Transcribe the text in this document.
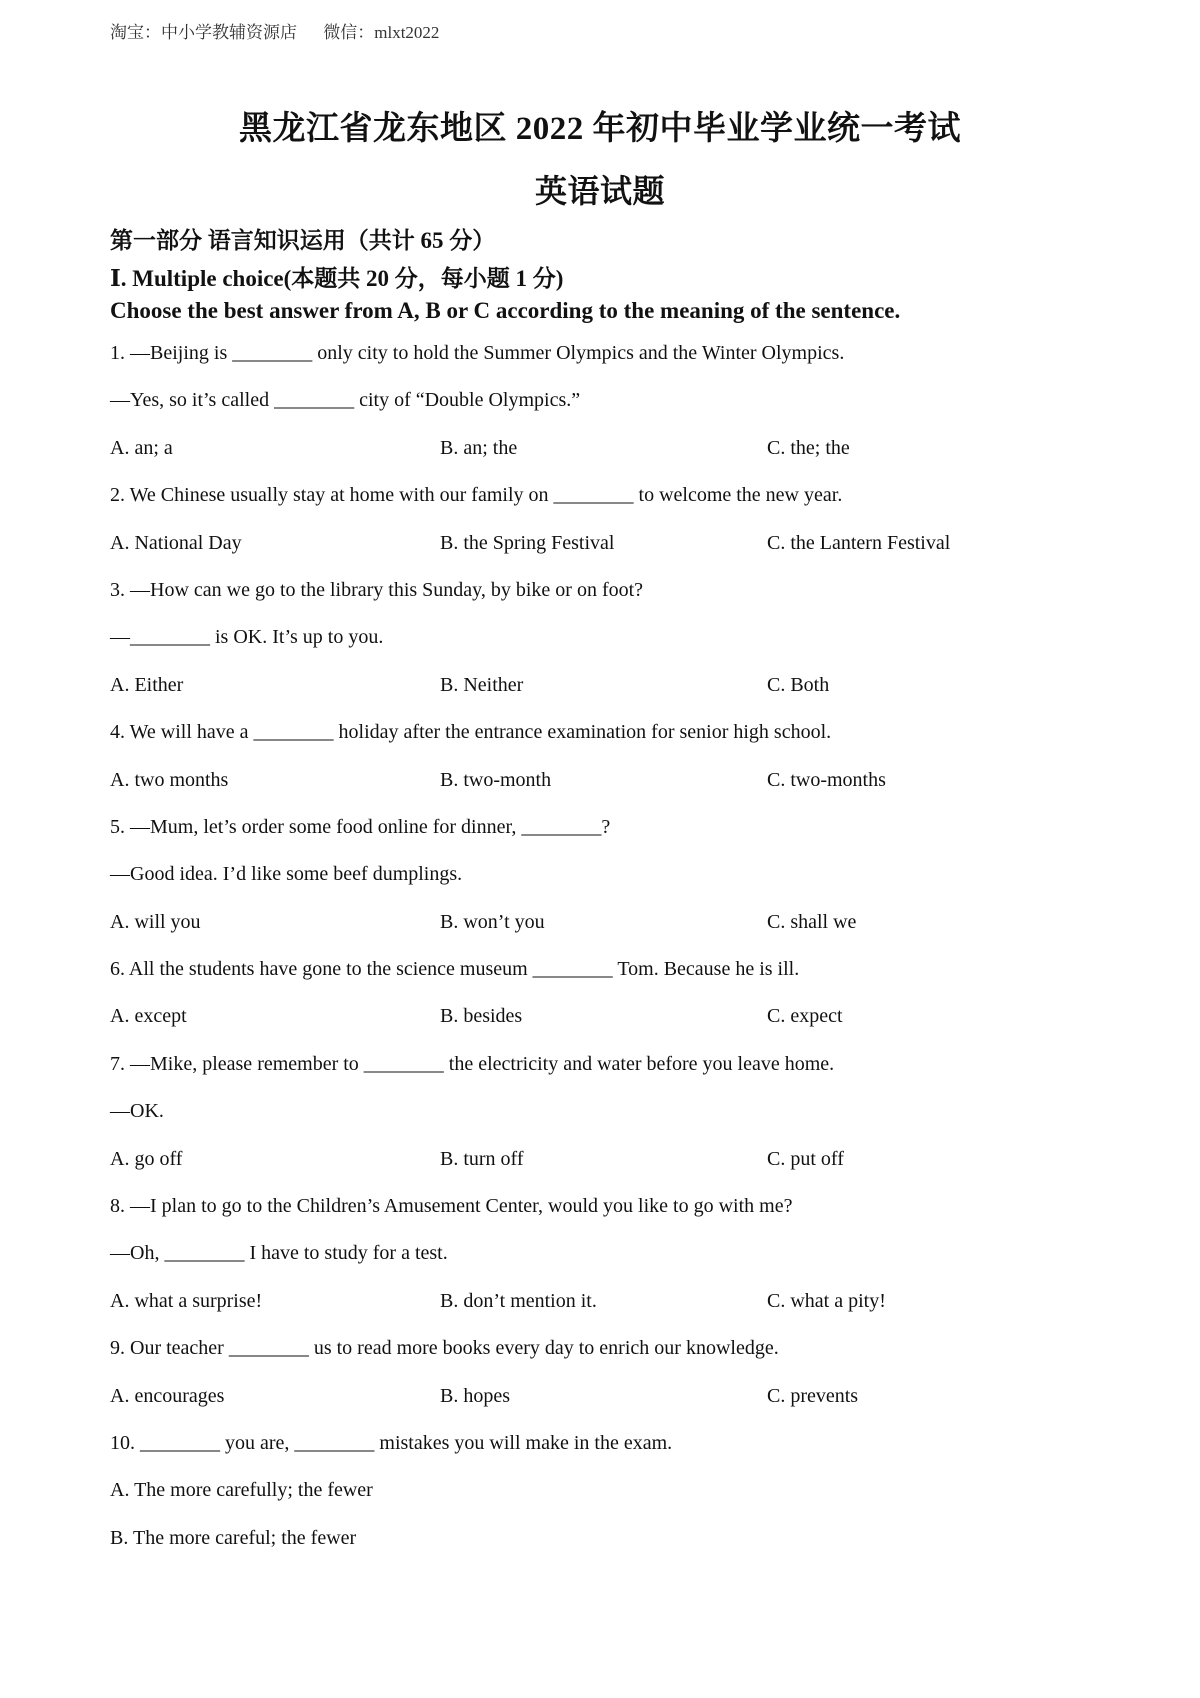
淘宝：中小学教辅资源店 微信：mlxt2022
黑龙江省龙东地区 2022 年初中毕业学业统一考试
英语试题
第一部分 语言知识运用（共计 65 分）
Ⅰ. Multiple choice(本题共 20 分，每小题 1 分)
Choose the best answer from A, B or C according to the meaning of the sentence.
1. —Beijing is ________ only city to hold the Summer Olympics and the Winter Olympics.
—Yes, so it’s called ________ city of “Double Olympics.”
A. an; a	B. an; the	C. the; the
2. We Chinese usually stay at home with our family on ________ to welcome the new year.
A. National Day	B. the Spring Festival	C. the Lantern Festival
3. —How can we go to the library this Sunday, by bike or on foot?
—________ is OK. It’s up to you.
A. Either	B. Neither	C. Both
4. We will have a ________ holiday after the entrance examination for senior high school.
A. two months	B. two-month	C. two-months
5. —Mum, let’s order some food online for dinner, ________?
—Good idea. I’d like some beef dumplings.
A. will you	B. won’t you	C. shall we
6. All the students have gone to the science museum ________ Tom. Because he is ill.
A. except	B. besides	C. expect
7. —Mike, please remember to ________ the electricity and water before you leave home.
—OK.
A. go off	B. turn off	C. put off
8. —I plan to go to the Children’s Amusement Center, would you like to go with me?
—Oh, ________ I have to study for a test.
A. what a surprise!	B. don’t mention it.	C. what a pity!
9. Our teacher ________ us to read more books every day to enrich our knowledge.
A. encourages	B. hopes	C. prevents
10. ________ you are, ________ mistakes you will make in the exam.
A. The more carefully; the fewer
B. The more careful; the fewer
